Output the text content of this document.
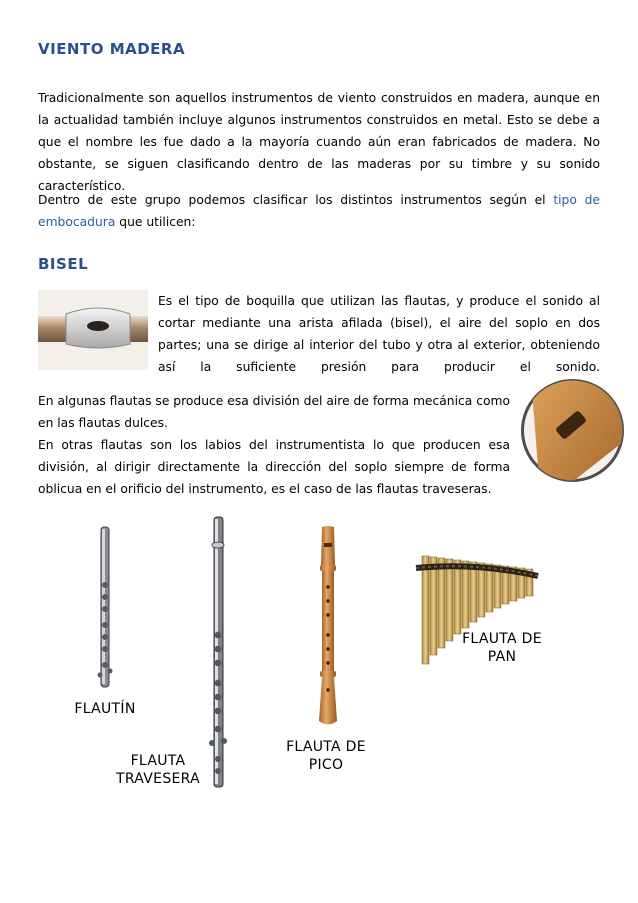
VIENTO MADERA
Tradicionalmente son aquellos instrumentos de viento construidos en madera, aunque en la actualidad también incluye algunos instrumentos construidos en metal. Esto se debe a que el nombre les fue dado a la mayoría cuando aún eran fabricados de madera. No obstante, se siguen clasificando dentro de las maderas por su timbre y su sonido característico.
Dentro de este grupo podemos clasificar los distintos instrumentos según el tipo de embocadura que utilicen:
BISEL
Es el tipo de boquilla que utilizan las flautas, y produce el sonido al cortar mediante una arista afilada (bisel), el aire del soplo en dos partes; una se dirige al interior del tubo y otra al exterior, obteniendo así la suficiente presión para producir el sonido.
En algunas flautas se produce esa división del aire de forma mecánica como en las flautas dulces.
En otras flautas son los labios del instrumentista lo que producen esa división, al dirigir directamente la dirección del soplo siempre de forma oblicua en el orificio del instrumento, es el caso de las flautas traveseras.
FLAUTÍN
FLAUTA
TRAVESERA
FLAUTA DE
PICO
FLAUTA DE
PAN
